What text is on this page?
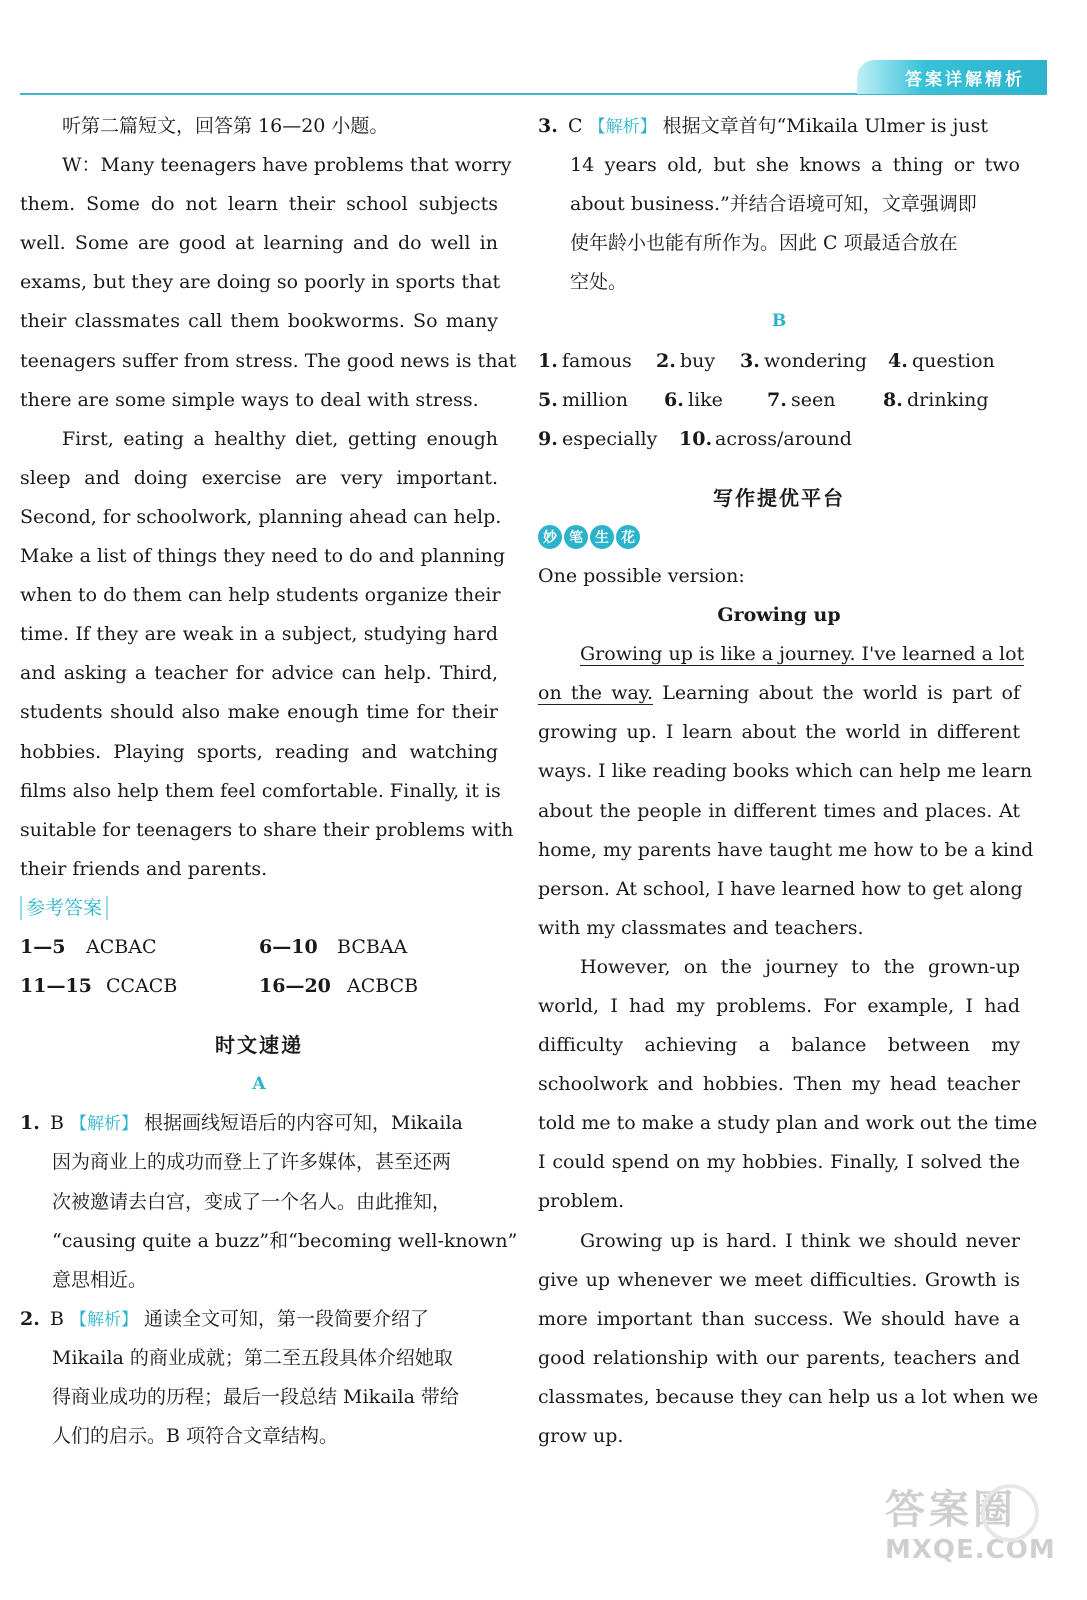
答案详解精析
听第二篇短文，回答第 16—20 小题。
W：Many teenagers have problems that worry
them. Some do not learn their school subjects
well. Some are good at learning and do well in
exams, but they are doing so poorly in sports that
their classmates call them bookworms. So many
teenagers suffer from stress. The good news is that
there are some simple ways to deal with stress.
First, eating a healthy diet, getting enough
sleep and doing exercise are very important.
Second, for schoolwork, planning ahead can help.
Make a list of things they need to do and planning
when to do them can help students organize their
time. If they are weak in a subject, studying hard
and asking a teacher for advice can help. Third,
students should also make enough time for their
hobbies. Playing sports, reading and watching
films also help them feel comfortable. Finally, it is
suitable for teenagers to share their problems with
their friends and parents.
参考答案
1—5 ACBAC	6—10 BCBAA
11—15 CCACB	16—20 ACBCB
时文速递
A
1. B 【解析】 根据画线短语后的内容可知，Mikaila
因为商业上的成功而登上了许多媒体，甚至还两
次被邀请去白宫，变成了一个名人。由此推知，
“causing quite a buzz”和“becoming well-known”
意思相近。
2. B 【解析】 通读全文可知，第一段简要介绍了
Mikaila 的商业成就；第二至五段具体介绍她取
得商业成功的历程；最后一段总结 Mikaila 带给
人们的启示。B 项符合文章结构。
3. C 【解析】 根据文章首句“Mikaila Ulmer is just
14 years old, but she knows a thing or two
about business.”并结合语境可知，文章强调即
使年龄小也能有所作为。因此 C 项最适合放在
空处。
B
1. famous	2. buy	3. wondering	4. question
5. million	6. like	7. seen	8. drinking
9. especially	10. across/around
写作提优平台
妙 笔 生 花
One possible version:
Growing up
Growing up is like a journey. I've learned a lot
on the way. Learning about the world is part of
growing up. I learn about the world in different
ways. I like reading books which can help me learn
about the people in different times and places. At
home, my parents have taught me how to be a kind
person. At school, I have learned how to get along
with my classmates and teachers.
However, on the journey to the grown-up
world, I had my problems. For example, I had
difficulty achieving a balance between my
schoolwork and hobbies. Then my head teacher
told me to make a study plan and work out the time
I could spend on my hobbies. Finally, I solved the
problem.
Growing up is hard. I think we should never
give up whenever we meet difficulties. Growth is
more important than success. We should have a
good relationship with our parents, teachers and
classmates, because they can help us a lot when we
grow up.
答案圈
MXQE.COM
